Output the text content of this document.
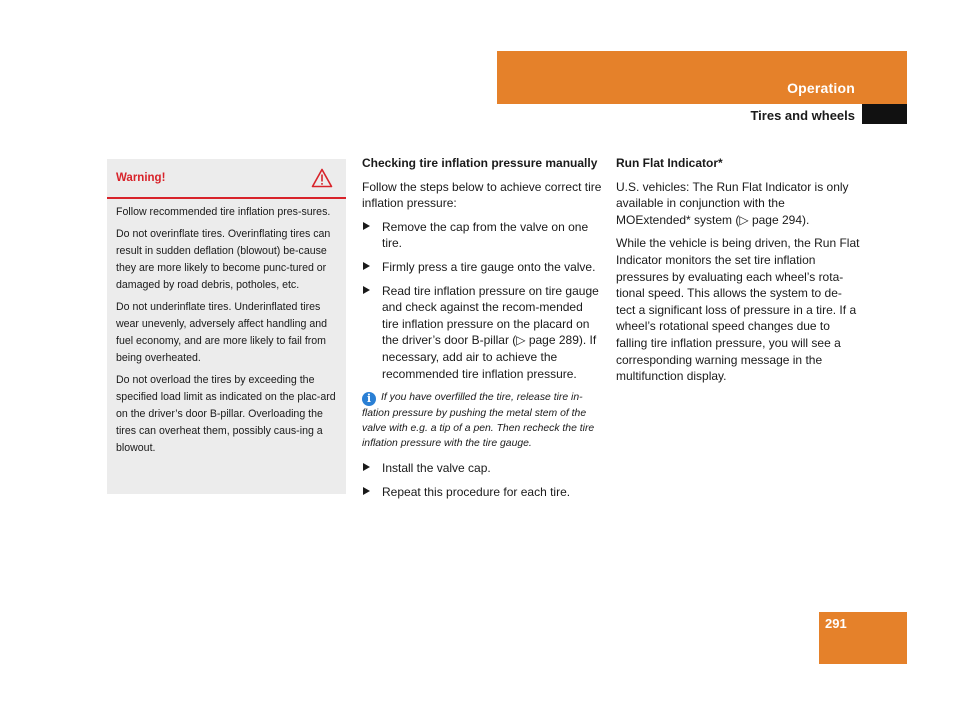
Operation
Tires and wheels
Warning!

Follow recommended tire inflation pres-sures.

Do not overinflate tires. Overinflating tires can result in sudden deflation (blowout) be-cause they are more likely to become punc-tured or damaged by road debris, potholes, etc.

Do not underinflate tires. Underinflated tires wear unevenly, adversely affect handling and fuel economy, and are more likely to fail from being overheated.

Do not overload the tires by exceeding the specified load limit as indicated on the plac-ard on the driver’s door B-pillar. Overloading the tires can overheat them, possibly caus-ing a blowout.

Checking tire inflation pressure manually
Follow the steps below to achieve correct tire inflation pressure:
Remove the cap from the valve on one tire.
Firmly press a tire gauge onto the valve.
Read tire inflation pressure on tire gauge and check against the recom-mended tire inflation pressure on the placard on the driver’s door B-pillar (▷ page 289). If necessary, add air to achieve the recommended tire inflation pressure.
i If you have overfilled the tire, release tire in-flation pressure by pushing the metal stem of the valve with e.g. a tip of a pen. Then recheck the tire inflation pressure with the tire gauge.
Install the valve cap.
Repeat this procedure for each tire.
Run Flat Indicator*
U.S. vehicles: The Run Flat Indicator is only available in conjunction with the MOExtended* system (▷ page 294).
While the vehicle is being driven, the Run Flat Indicator monitors the set tire inflation pressures by evaluating each wheel’s rota-tional speed. This allows the system to de-tect a significant loss of pressure in a tire. If a wheel’s rotational speed changes due to falling tire inflation pressure, you will see a corresponding warning message in the multifunction display.
291
